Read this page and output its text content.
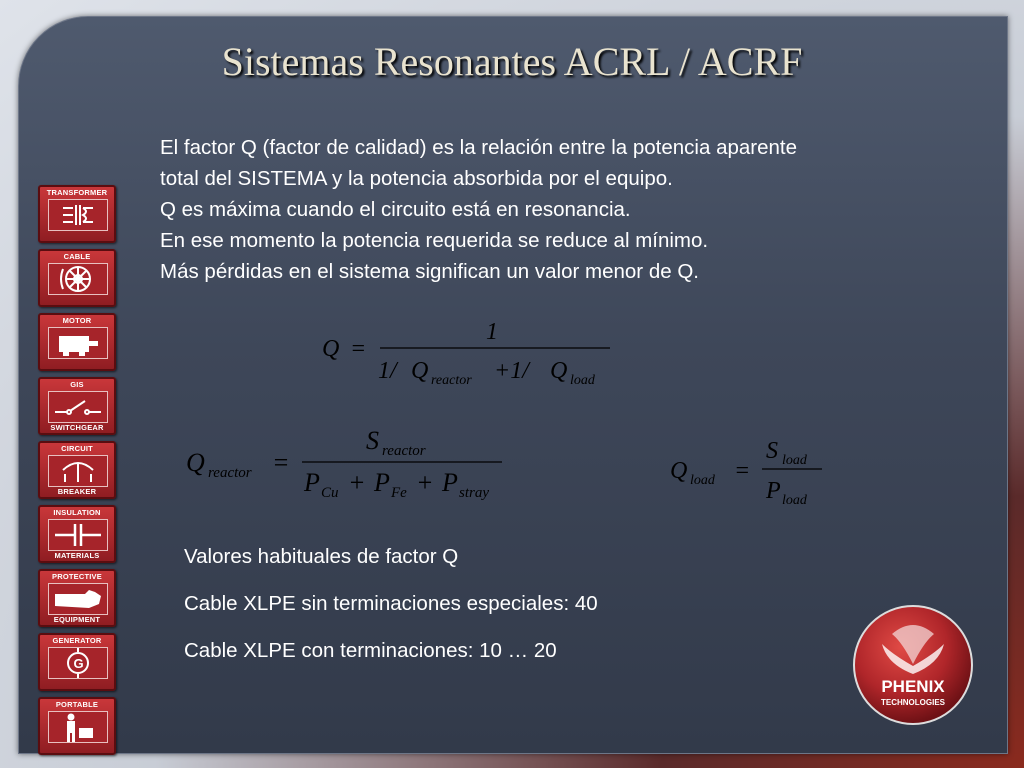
Sistemas Resonantes ACRL / ACRF
El factor Q (factor de calidad) es la relación entre la potencia aparente
total del SISTEMA y la potencia absorbida por el equipo.
Q es máxima cuando el circuito está en resonancia.
En ese momento la potencia requerida se reduce al mínimo.
Más pérdidas en el sistema significan un valor menor de Q.
Q =
1
1/ Q reactor +1/ Q load
Q reactor =
S reactor
P Cu + P Fe + P stray
Q load =
S load
P load
Valores habituales de factor Q
Cable XLPE sin terminaciones especiales: 40
Cable XLPE con terminaciones: 10 … 20
TRANSFORMER
CABLE
MOTOR
GIS
SWITCHGEAR
CIRCUIT
BREAKER
INSULATION
MATERIALS
PROTECTIVE
EQUIPMENT
GENERATOR
G
PORTABLE
PHENIX
TECHNOLOGIES
